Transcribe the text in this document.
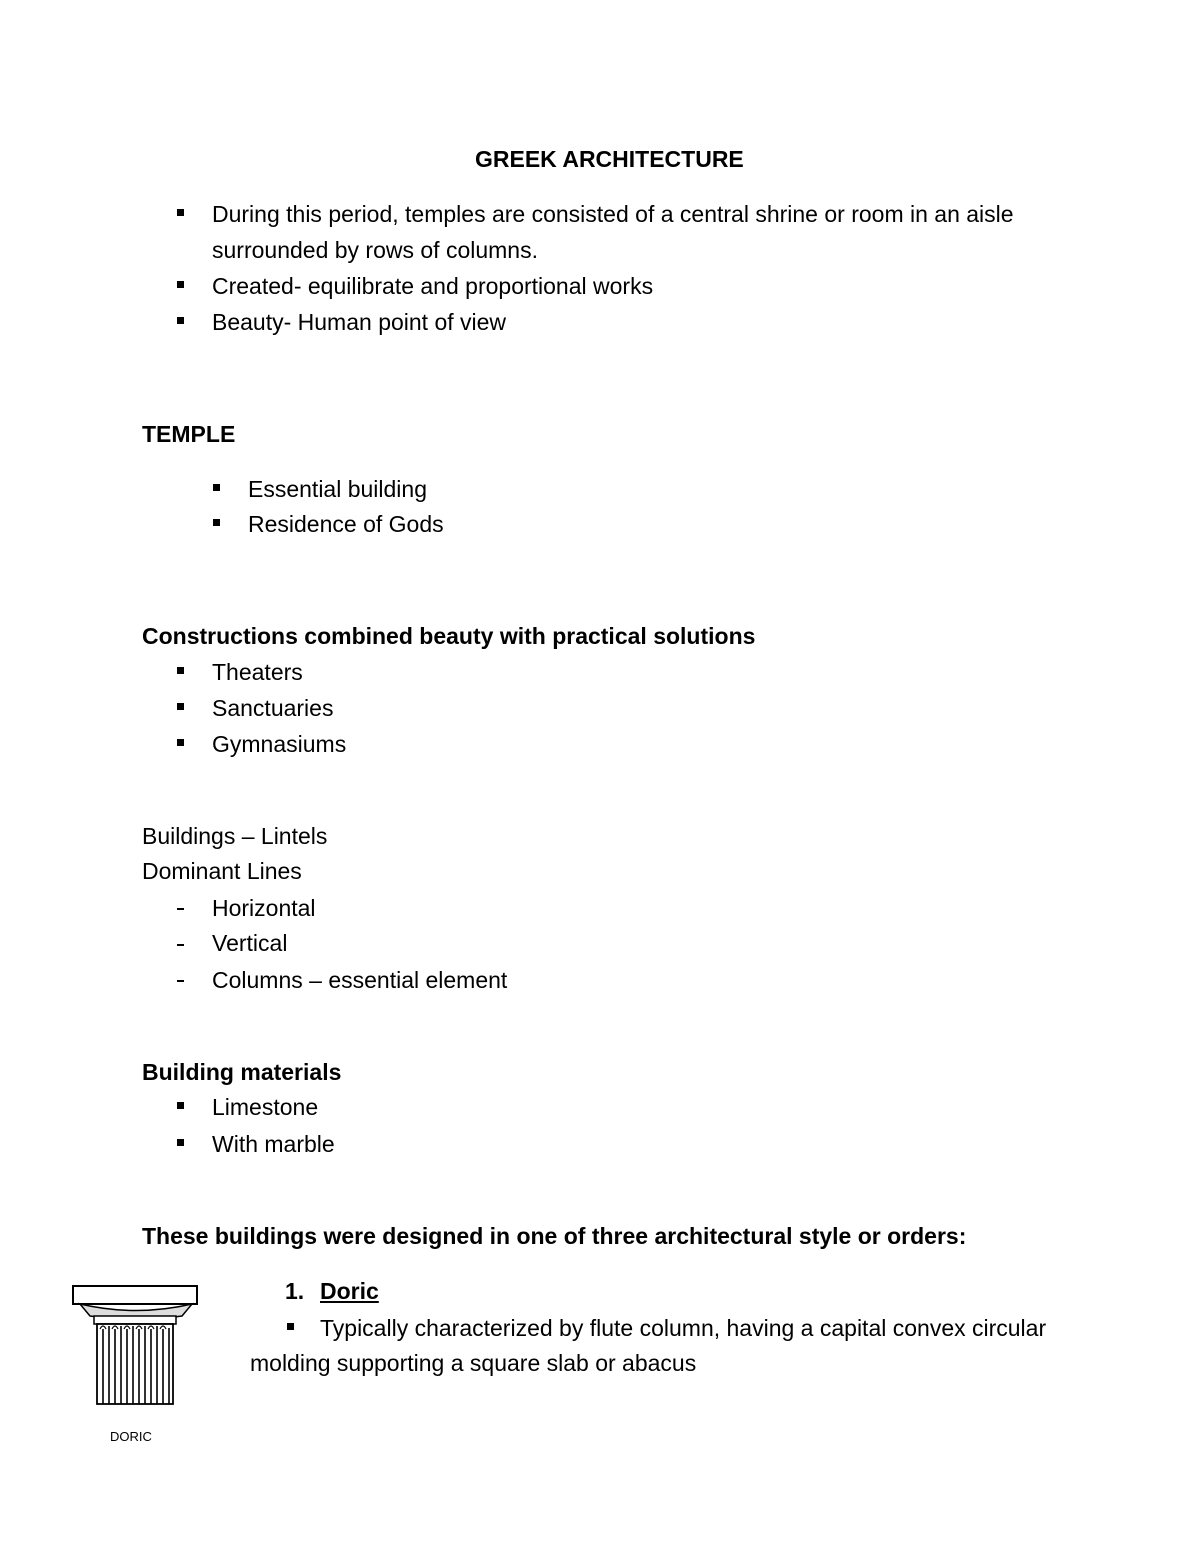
GREEK ARCHITECTURE
During this period, temples are consisted of a central shrine or room in an aisle
surrounded by rows of columns.
Created- equilibrate and proportional works
Beauty- Human point of view
TEMPLE
Essential building
Residence of Gods
Constructions combined beauty with practical solutions
Theaters
Sanctuaries
Gymnasiums
Buildings – Lintels
Dominant Lines
Horizontal
Vertical
Columns – essential element
Building materials
Limestone
With marble
These buildings were designed in one of three architectural style or orders:
DORIC
1. Doric
Typically characterized by flute column, having a capital convex circular
molding supporting a square slab or abacus
